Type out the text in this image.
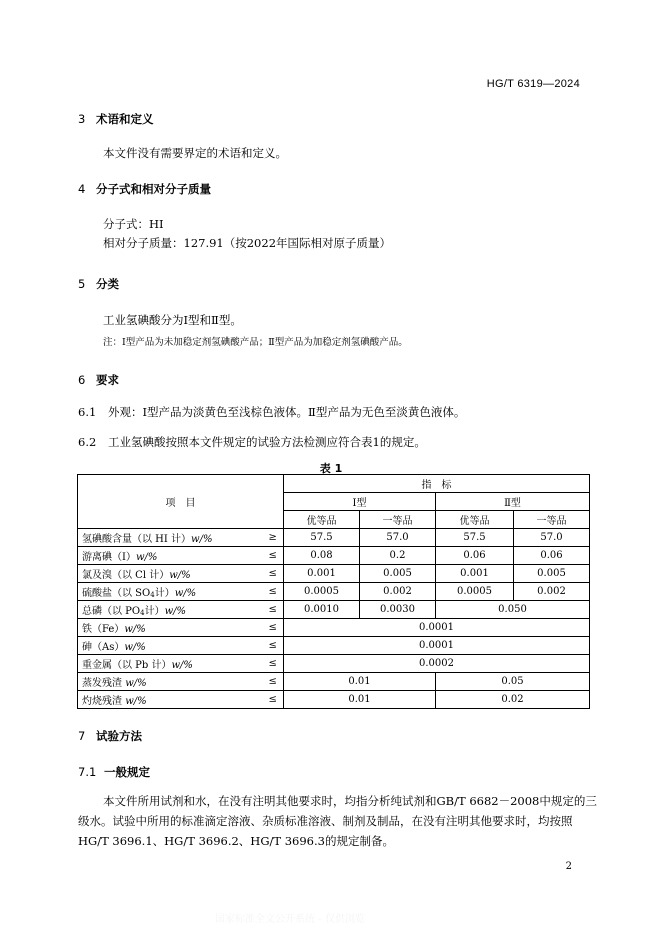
HG/T 6319—2024
3 术语和定义
本文件没有需要界定的术语和定义。
4 分子式和相对分子质量
分子式：HI
相对分子质量：127.91（按2022年国际相对原子质量）
5 分类
工业氢碘酸分为Ⅰ型和Ⅱ型。
注：Ⅰ型产品为未加稳定剂氢碘酸产品；Ⅱ型产品为加稳定剂氢碘酸产品。
6 要求
6.1 外观：Ⅰ型产品为淡黄色至浅棕色液体。Ⅱ型产品为无色至淡黄色液体。
6.2 工业氢碘酸按照本文件规定的试验方法检测应符合表1的规定。
表 1
项　目		指　标			
		Ⅰ型		Ⅱ型	
		优等品	一等品	优等品	一等品
氢碘酸含量（以 HI 计）w/%	≥	57.5	57.0	57.5	57.0
游离碘（I）w/%	≤	0.08	0.2	0.06	0.06
氯及溴（以 Cl 计）w/%	≤	0.001	0.005	0.001	0.005
硫酸盐（以 $SO_4$计）w/%	≤	0.0005	0.002	0.0005	0.002
总磷（以 $PO_4$计）w/%	≤	0.0010	0.0030	0.050	
铁（Fe）w/%	≤	0.0001			
砷（As）w/%	≤	0.0001			
重金属（以 Pb 计）w/%	≤	0.0002			
蒸发残渣 w/%	≤	0.01		0.05	
灼烧残渣 w/%	≤	0.01		0.02	
7 试验方法
7.1 一般规定
本文件所用试剂和水，在没有注明其他要求时，均指分析纯试剂和GB/T 6682－2008中规定的三
级水。试验中所用的标准滴定溶液、杂质标准溶液、制剂及制品，在没有注明其他要求时，均按照
HG/T 3696.1、HG/T 3696.2、HG/T 3696.3的规定制备。
2
国家标准全文公开系统 - 仅供浏览
